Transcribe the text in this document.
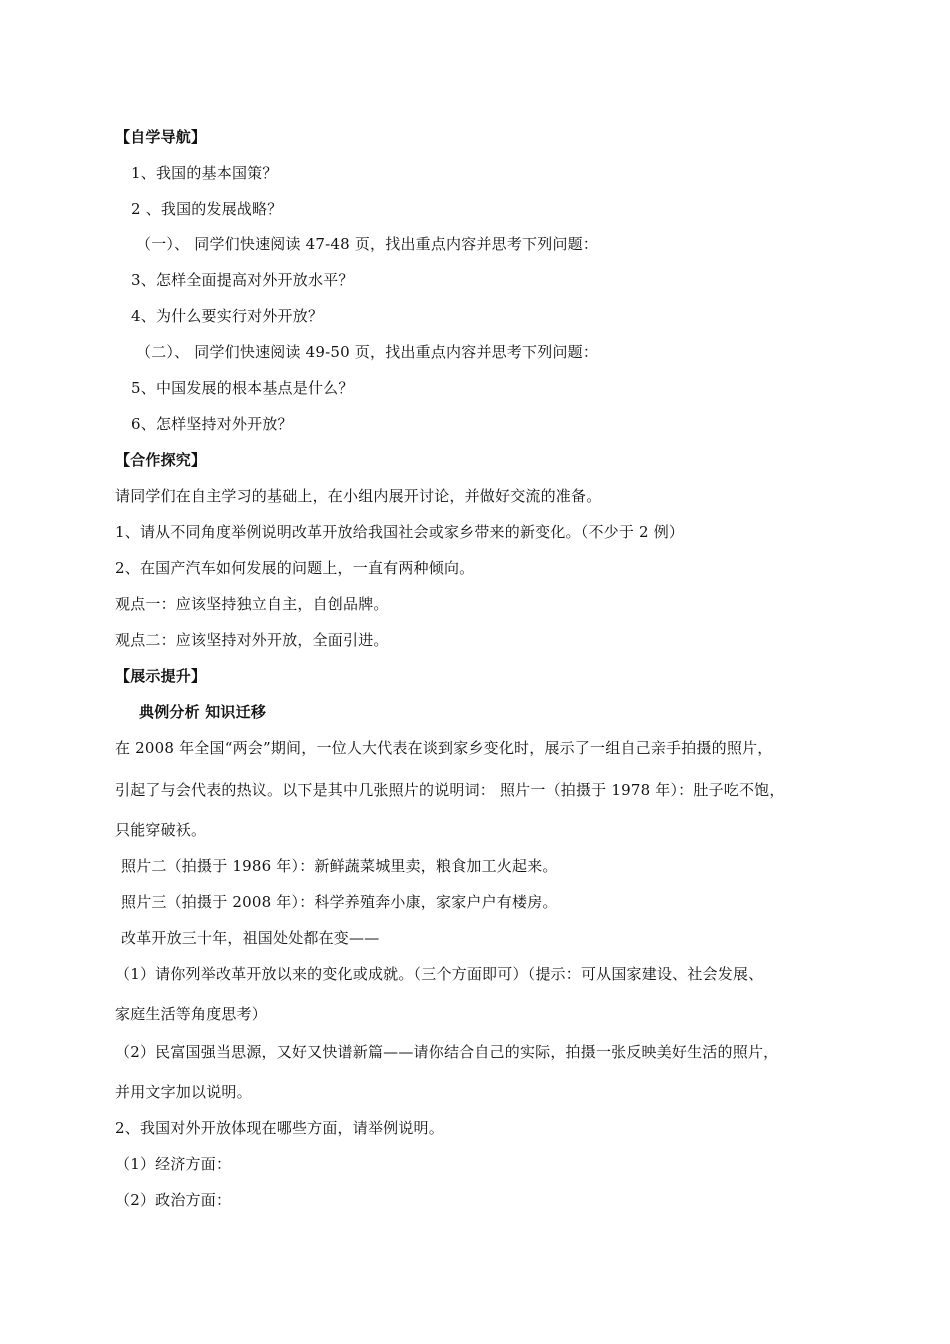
【自学导航】
1、我国的基本国策？
2 、我国的发展战略？
（一）、 同学们快速阅读 47-48 页，找出重点内容并思考下列问题：
3、怎样全面提高对外开放水平？
4、为什么要实行对外开放？
（二）、 同学们快速阅读 49-50 页，找出重点内容并思考下列问题：
5、中国发展的根本基点是什么？
6、怎样坚持对外开放？
【合作探究】
请同学们在自主学习的基础上，在小组内展开讨论，并做好交流的准备。
1、请从不同角度举例说明改革开放给我国社会或家乡带来的新变化。（不少于 2 例）
2、在国产汽车如何发展的问题上，一直有两种倾向。
观点一：应该坚持独立自主，自创品牌。
观点二：应该坚持对外开放，全面引进。
【展示提升】
典例分析 知识迁移
在 2008 年全国“两会”期间，一位人大代表在谈到家乡变化时，展示了一组自己亲手拍摄的照片，
引起了与会代表的热议。以下是其中几张照片的说明词： 照片一（拍摄于 1978 年）：肚子吃不饱，
只能穿破袄。
照片二（拍摄于 1986 年）：新鲜蔬菜城里卖，粮食加工火起来。
照片三（拍摄于 2008 年）：科学养殖奔小康，家家户户有楼房。
改革开放三十年，祖国处处都在变——
（1）请你列举改革开放以来的变化或成就。（三个方面即可）（提示：可从国家建设、社会发展、
家庭生活等角度思考）
（2）民富国强当思源，又好又快谱新篇——请你结合自己的实际，拍摄一张反映美好生活的照片，
并用文字加以说明。
2、我国对外开放体现在哪些方面，请举例说明。
（1）经济方面：
（2）政治方面：
